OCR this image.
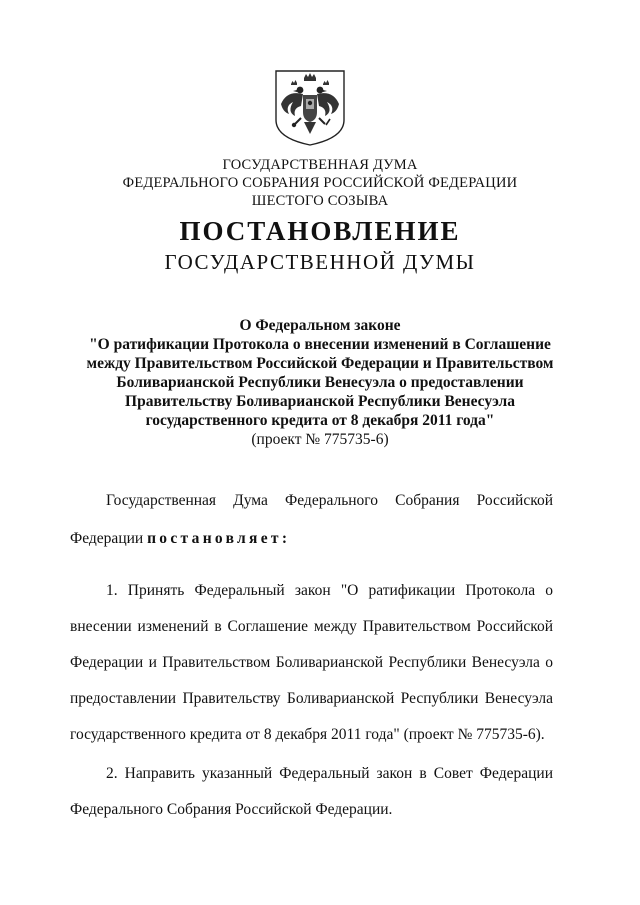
ГОСУДАРСТВЕННАЯ ДУМА
ФЕДЕРАЛЬНОГО СОБРАНИЯ РОССИЙСКОЙ ФЕДЕРАЦИИ
ШЕСТОГО СОЗЫВА
ПОСТАНОВЛЕНИЕ
ГОСУДАРСТВЕННОЙ ДУМЫ
О Федеральном законе
"О ратификации Протокола о внесении изменений в Соглашение
между Правительством Российской Федерации и Правительством
Боливарианской Республики Венесуэла о предоставлении
Правительству Боливарианской Республики Венесуэла
государственного кредита от 8 декабря 2011 года"
(проект № 775735-6)
Государственная Дума Федерального Собрания Российской
Федерации постановляет:
1. Принять Федеральный закон "О ратификации Протокола о
внесении изменений в Соглашение между Правительством Российской
Федерации и Правительством Боливарианской Республики Венесуэла о
предоставлении Правительству Боливарианской Республики Венесуэла
государственного кредита от 8 декабря 2011 года" (проект № 775735-6).
2. Направить указанный Федеральный закон в Совет Федерации
Федерального Собрания Российской Федерации.
